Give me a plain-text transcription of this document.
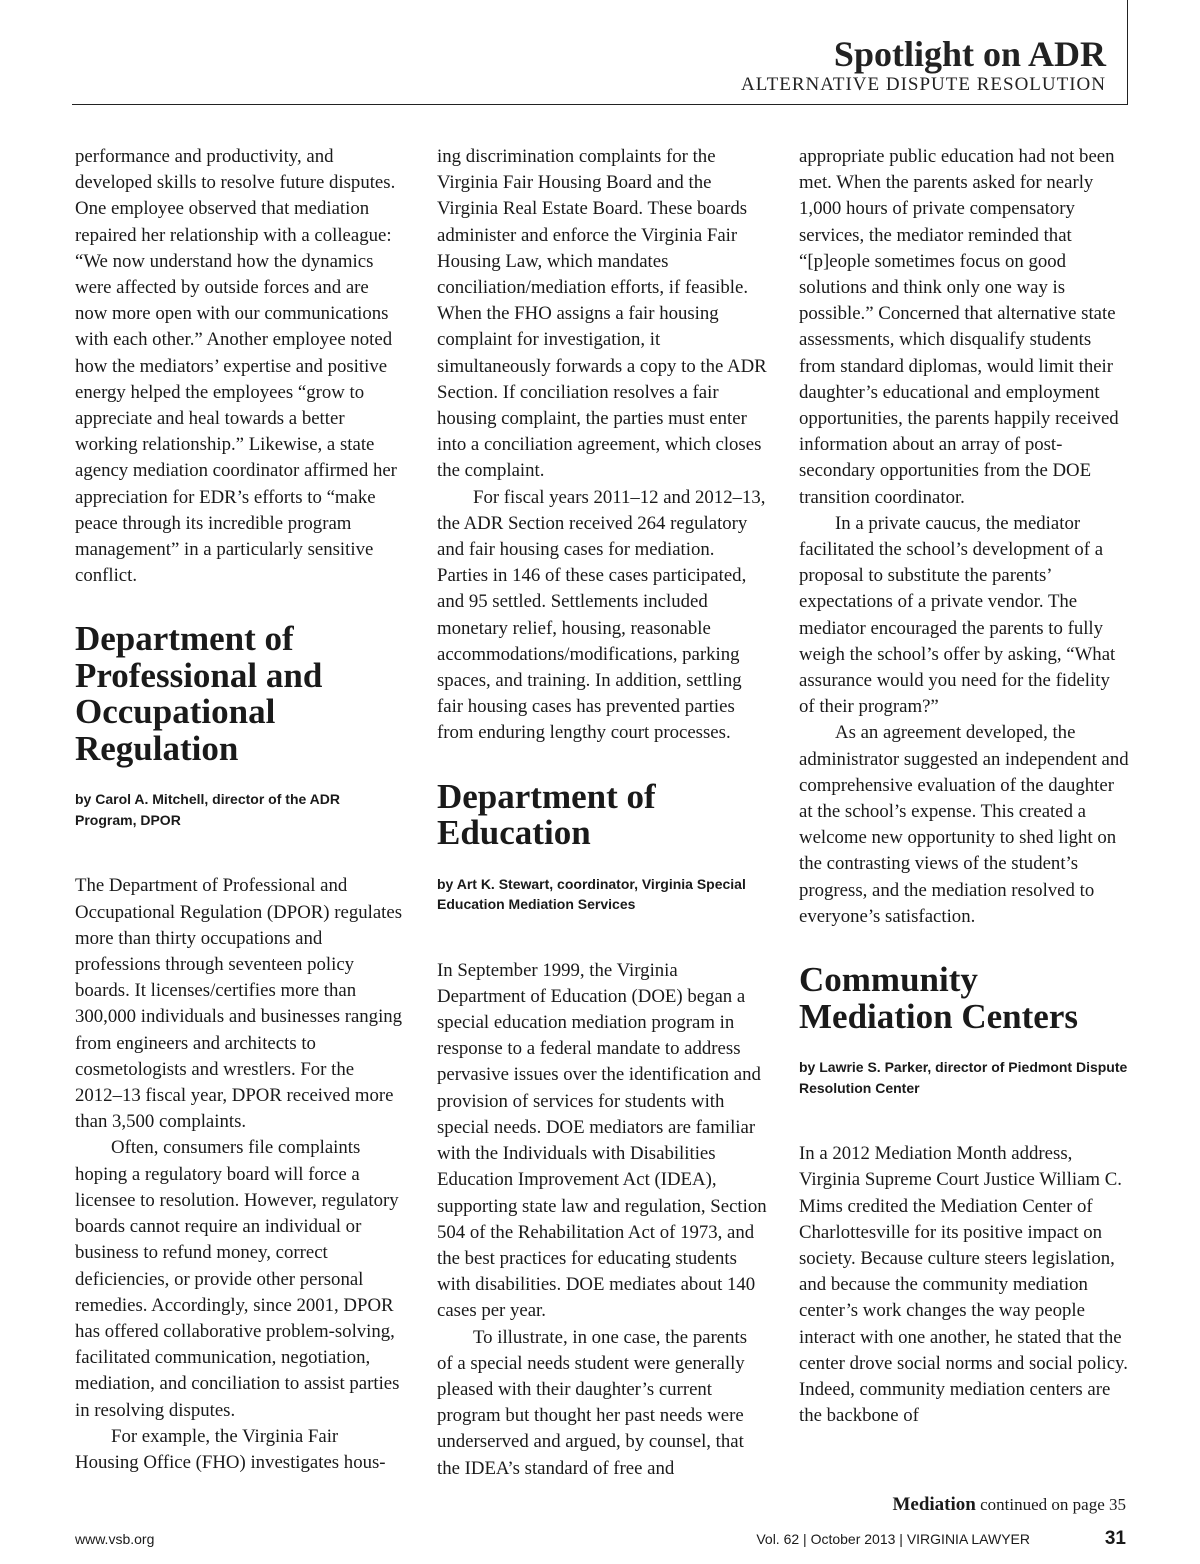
Spotlight on ADR
ALTERNATIVE DISPUTE RESOLUTION

performance and productivity, and developed skills to resolve future disputes. One employee observed that mediation repaired her relationship with a colleague: “We now understand how the dynamics were affected by outside forces and are now more open with our communications with each other.” Another employee noted how the mediators’ expertise and positive energy helped the employees “grow to appreciate and heal towards a better working relationship.” Likewise, a state agency mediation coordinator affirmed her appreciation for EDR’s efforts to “make peace through its incredible program management” in a particularly sensitive conflict.

Department of Professional and Occupational Regulation
by Carol A. Mitchell, director of the ADR Program, DPOR

The Department of Professional and Occupational Regulation (DPOR) regulates more than thirty occupations and professions through seventeen policy boards. It licenses/certifies more than 300,000 individuals and businesses ranging from engineers and architects to cosmetologists and wrestlers. For the 2012–13 fiscal year, DPOR received more than 3,500 complaints.

Often, consumers file complaints hoping a regulatory board will force a licensee to resolution. However, regulatory boards cannot require an individual or business to refund money, correct deficiencies, or provide other personal remedies. Accordingly, since 2001, DPOR has offered collaborative problem-solving, facilitated communication, negotiation, mediation, and conciliation to assist parties in resolving disputes.

For example, the Virginia Fair Housing Office (FHO) investigates hous-

ing discrimination complaints for the Virginia Fair Housing Board and the Virginia Real Estate Board. These boards administer and enforce the Virginia Fair Housing Law, which mandates conciliation/mediation efforts, if feasible. When the FHO assigns a fair housing complaint for investigation, it simultaneously forwards a copy to the ADR Section. If conciliation resolves a fair housing complaint, the parties must enter into a conciliation agreement, which closes the complaint.

For fiscal years 2011–12 and 2012–13, the ADR Section received 264 regulatory and fair housing cases for mediation. Parties in 146 of these cases participated, and 95 settled. Settlements included monetary relief, housing, reasonable accommodations/modifications, parking spaces, and training. In addition, settling fair housing cases has prevented parties from enduring lengthy court processes.

Department of Education
by Art K. Stewart, coordinator, Virginia Special Education Mediation Services

In September 1999, the Virginia Department of Education (DOE) began a special education mediation program in response to a federal mandate to address pervasive issues over the identification and provision of services for students with special needs. DOE mediators are familiar with the Individuals with Disabilities Education Improvement Act (IDEA), supporting state law and regulation, Section 504 of the Rehabilitation Act of 1973, and the best practices for educating students with disabilities. DOE mediates about 140 cases per year.

To illustrate, in one case, the parents of a special needs student were generally pleased with their daughter’s current program but thought her past needs were underserved and argued, by counsel, that the IDEA’s standard of free and

appropriate public education had not been met. When the parents asked for nearly 1,000 hours of private compensatory services, the mediator reminded that “[p]eople sometimes focus on good solutions and think only one way is possible.” Concerned that alternative state assessments, which disqualify students from standard diplomas, would limit their daughter’s educational and employment opportunities, the parents happily received information about an array of post-secondary opportunities from the DOE transition coordinator.

In a private caucus, the mediator facilitated the school’s development of a proposal to substitute the parents’ expectations of a private vendor. The mediator encouraged the parents to fully weigh the school’s offer by asking, “What assurance would you need for the fidelity of their program?”

As an agreement developed, the administrator suggested an independent and comprehensive evaluation of the daughter at the school’s expense. This created a welcome new opportunity to shed light on the contrasting views of the student’s progress, and the mediation resolved to everyone’s satisfaction.

Community Mediation Centers
by Lawrie S. Parker, director of Piedmont Dispute Resolution Center

In a 2012 Mediation Month address, Virginia Supreme Court Justice William C. Mims credited the Mediation Center of Charlottesville for its positive impact on society. Because culture steers legislation, and because the community mediation center’s work changes the way people interact with one another, he stated that the center drove social norms and social policy. Indeed, community mediation centers are the backbone of

Mediation continued on page 35
www.vsb.org	Vol. 62 | October 2013 | VIRGINIA LAWYER	31
